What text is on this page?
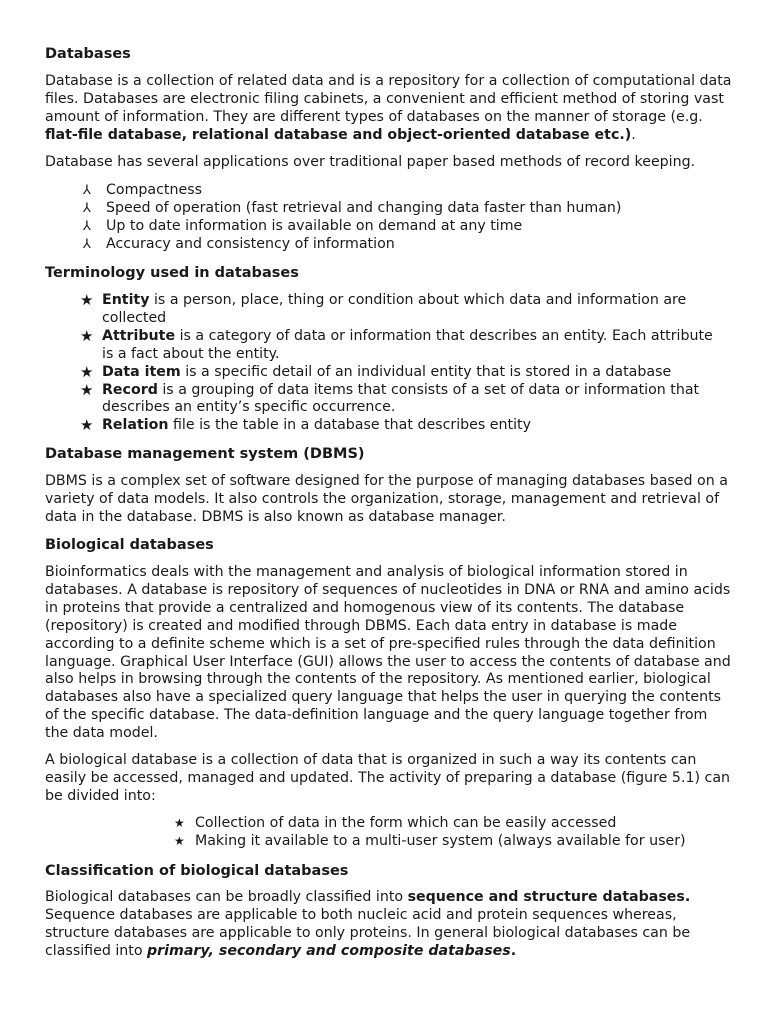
Databases

Database is a collection of related data and is a repository for a collection of computational data files. Databases are electronic filing cabinets, a convenient and efficient method of storing vast amount of information. They are different types of databases on the manner of storage (e.g. flat-file database, relational database and object-oriented database etc.).

Database has several applications over traditional paper based methods of record keeping.

⅄ Compactness
⅄ Speed of operation (fast retrieval and changing data faster than human)
⅄ Up to date information is available on demand at any time
⅄ Accuracy and consistency of information
Terminology used in databases
★ Entity is a person, place, thing or condition about which data and information are collected
★ Attribute is a category of data or information that describes an entity. Each attribute is a fact about the entity.
★ Data item is a specific detail of an individual entity that is stored in a database
★ Record is a grouping of data items that consists of a set of data or information that describes an entity’s specific occurrence.
★ Relation file is the table in a database that describes entity
Database management system (DBMS)

DBMS is a complex set of software designed for the purpose of managing databases based on a variety of data models. It also controls the organization, storage, management and retrieval of data in the database. DBMS is also known as database manager.

Biological databases

Bioinformatics deals with the management and analysis of biological information stored in databases. A database is repository of sequences of nucleotides in DNA or RNA and amino acids in proteins that provide a centralized and homogenous view of its contents. The database (repository) is created and modified through DBMS. Each data entry in database is made according to a definite scheme which is a set of pre-specified rules through the data definition language. Graphical User Interface (GUI) allows the user to access the contents of database and also helps in browsing through the contents of the repository. As mentioned earlier, biological databases also have a specialized query language that helps the user in querying the contents of the specific database. The data-definition language and the query language together from the data model.

A biological database is a collection of data that is organized in such a way its contents can easily be accessed, managed and updated. The activity of preparing a database (figure 5.1) can be divided into:

★ Collection of data in the form which can be easily accessed
★ Making it available to a multi-user system (always available for user)
Classification of biological databases

Biological databases can be broadly classified into sequence and structure databases. Sequence databases are applicable to both nucleic acid and protein sequences whereas, structure databases are applicable to only proteins. In general biological databases can be classified into primary, secondary and composite databases.
